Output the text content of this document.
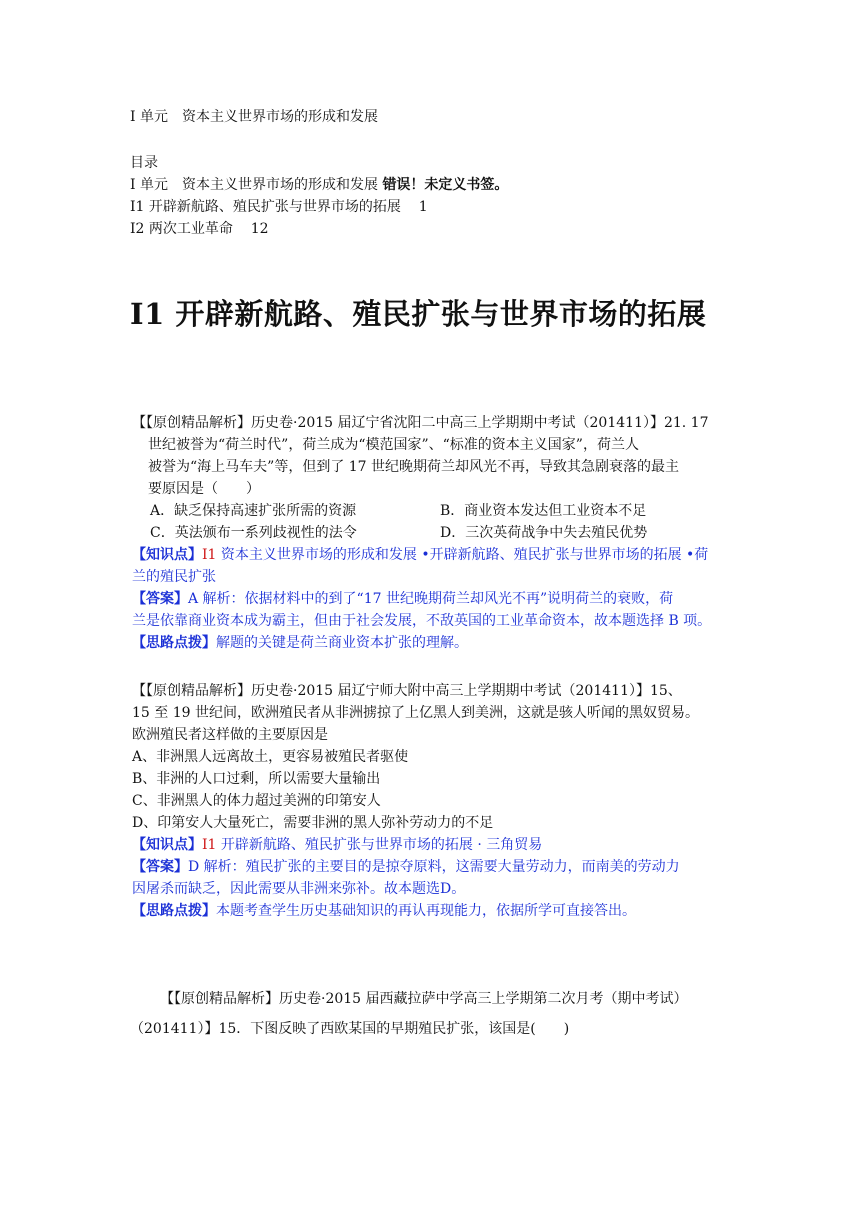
I 单元　资本主义世界市场的形成和发展
目录
I 单元　资本主义世界市场的形成和发展 错误！未定义书签。
I1 开辟新航路、殖民扩张与世界市场的拓展 1
I2 两次工业革命 12
I1 开辟新航路、殖民扩张与世界市场的拓展
【【原创精品解析】历史卷·2015 届辽宁省沈阳二中高三上学期期中考试（201411）】21. 17
世纪被誉为“荷兰时代”，荷兰成为“模范国家”、“标准的资本主义国家”，荷兰人
被誉为“海上马车夫”等，但到了 17 世纪晚期荷兰却风光不再，导致其急剧衰落的最主
要原因是（　　）
A．缺乏保持高速扩张所需的资源	B．商业资本发达但工业资本不足
C．英法颁布一系列歧视性的法令	D．三次英荷战争中失去殖民优势
【知识点】I1 资本主义世界市场的形成和发展 •开辟新航路、殖民扩张与世界市场的拓展 •荷
兰的殖民扩张
【答案】A 解析：依据材料中的到了“17 世纪晚期荷兰却风光不再”说明荷兰的衰败，荷
兰是依靠商业资本成为霸主，但由于社会发展，不敌英国的工业革命资本，故本题选择 B 项。
【思路点拨】解题的关键是荷兰商业资本扩张的理解。
【【原创精品解析】历史卷·2015 届辽宁师大附中高三上学期期中考试（201411）】15、
15 至 19 世纪间，欧洲殖民者从非洲掳掠了上亿黑人到美洲，这就是骇人听闻的黑奴贸易。
欧洲殖民者这样做的主要原因是
A、非洲黑人远离故土，更容易被殖民者驱使
B、非洲的人口过剩，所以需要大量输出
C、非洲黑人的体力超过美洲的印第安人
D、印第安人大量死亡，需要非洲的黑人弥补劳动力的不足
【知识点】I1 开辟新航路、殖民扩张与世界市场的拓展 · 三角贸易
【答案】D 解析：殖民扩张的主要目的是掠夺原料，这需要大量劳动力，而南美的劳动力
因屠杀而缺乏，因此需要从非洲来弥补。故本题选D。
【思路点拨】本题考查学生历史基础知识的再认再现能力，依据所学可直接答出。
【【原创精品解析】历史卷·2015 届西藏拉萨中学高三上学期第二次月考（期中考试）
（201411）】15．下图反映了西欧某国的早期殖民扩张，该国是(　　)
